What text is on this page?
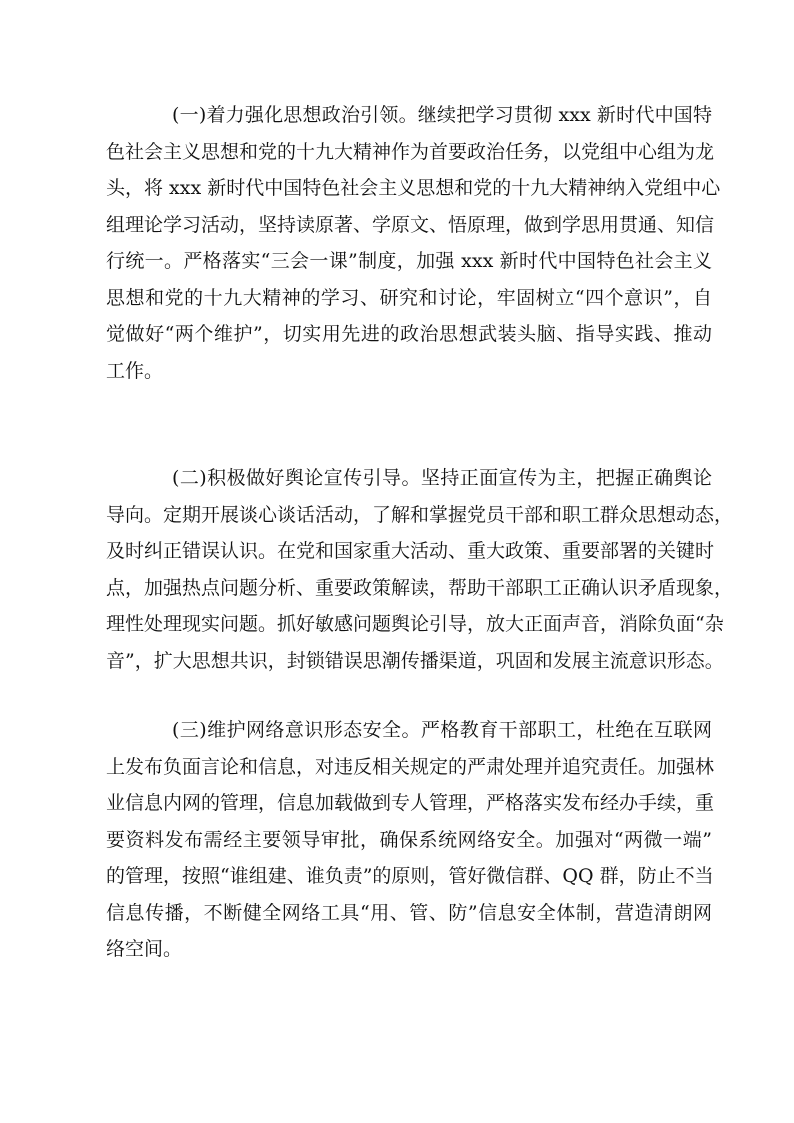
(一)着力强化思想政治引领。继续把学习贯彻 xxx 新时代中国特
色社会主义思想和党的十九大精神作为首要政治任务，以党组中心组为龙
头，将 xxx 新时代中国特色社会主义思想和党的十九大精神纳入党组中心
组理论学习活动，坚持读原著、学原文、悟原理，做到学思用贯通、知信
行统一。严格落实“三会一课”制度，加强 xxx 新时代中国特色社会主义
思想和党的十九大精神的学习、研究和讨论，牢固树立“四个意识”，自
觉做好“两个维护”，切实用先进的政治思想武装头脑、指导实践、推动
工作。
(二)积极做好舆论宣传引导。坚持正面宣传为主，把握正确舆论
导向。定期开展谈心谈话活动，了解和掌握党员干部和职工群众思想动态，
及时纠正错误认识。在党和国家重大活动、重大政策、重要部署的关键时
点，加强热点问题分析、重要政策解读，帮助干部职工正确认识矛盾现象，
理性处理现实问题。抓好敏感问题舆论引导，放大正面声音，消除负面“杂
音”，扩大思想共识，封锁错误思潮传播渠道，巩固和发展主流意识形态。
(三)维护网络意识形态安全。严格教育干部职工，杜绝在互联网
上发布负面言论和信息，对违反相关规定的严肃处理并追究责任。加强林
业信息内网的管理，信息加载做到专人管理，严格落实发布经办手续，重
要资料发布需经主要领导审批，确保系统网络安全。加强对“两微一端”
的管理，按照“谁组建、谁负责”的原则，管好微信群、QQ 群，防止不当
信息传播，不断健全网络工具“用、管、防”信息安全体制，营造清朗网
络空间。
